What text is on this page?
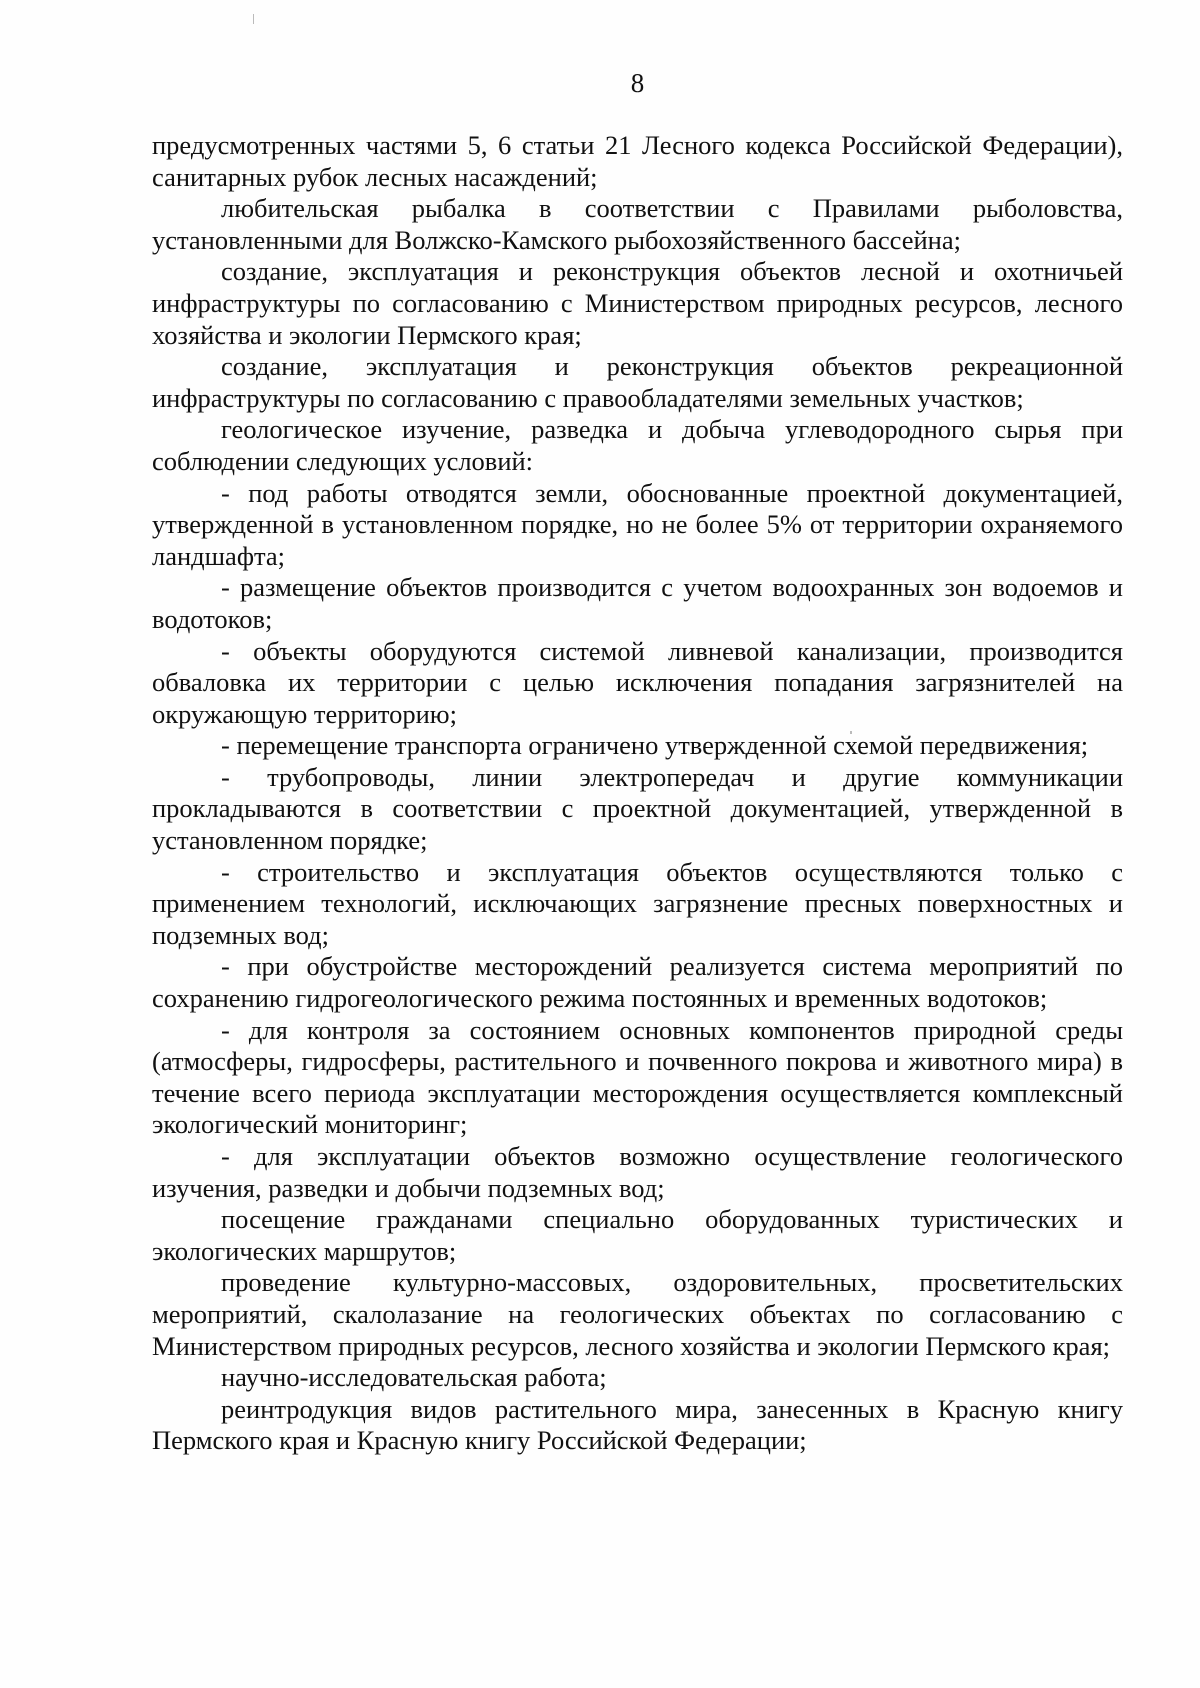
8

предусмотренных частями 5, 6 статьи 21 Лесного кодекса Российской Федерации), санитарных рубок лесных насаждений;

любительская рыбалка в соответствии с Правилами рыболовства, установленными для Волжско-Камского рыбохозяйственного бассейна;

создание, эксплуатация и реконструкция объектов лесной и охотничьей инфраструктуры по согласованию с Министерством природных ресурсов, лесного хозяйства и экологии Пермского края;

создание, эксплуатация и реконструкция объектов рекреационной инфраструктуры по согласованию с правообладателями земельных участков;

геологическое изучение, разведка и добыча углеводородного сырья при соблюдении следующих условий:

- под работы отводятся земли, обоснованные проектной документацией, утвержденной в установленном порядке, но не более 5% от территории охраняемого ландшафта;

- размещение объектов производится с учетом водоохранных зон водоемов и водотоков;

- объекты оборудуются системой ливневой канализации, производится обваловка их территории с целью исключения попадания загрязнителей на окружающую территорию;

- перемещение транспорта ограничено утвержденной схемой передвижения;

- трубопроводы, линии электропередач и другие коммуникации прокладываются в соответствии с проектной документацией, утвержденной в установленном порядке;

- строительство и эксплуатация объектов осуществляются только с применением технологий, исключающих загрязнение пресных поверхностных и подземных вод;

- при обустройстве месторождений реализуется система мероприятий по сохранению гидрогеологического режима постоянных и временных водотоков;

- для контроля за состоянием основных компонентов природной среды (атмосферы, гидросферы, растительного и почвенного покрова и животного мира) в течение всего периода эксплуатации месторождения осуществляется комплексный экологический мониторинг;

- для эксплуатации объектов возможно осуществление геологического изучения, разведки и добычи подземных вод;

посещение гражданами специально оборудованных туристических и экологических маршрутов;

проведение культурно-массовых, оздоровительных, просветительских мероприятий, скалолазание на геологических объектах по согласованию с Министерством природных ресурсов, лесного хозяйства и экологии Пермского края;

научно-исследовательская работа;

реинтродукция видов растительного мира, занесенных в Красную книгу Пермского края и Красную книгу Российской Федерации;
